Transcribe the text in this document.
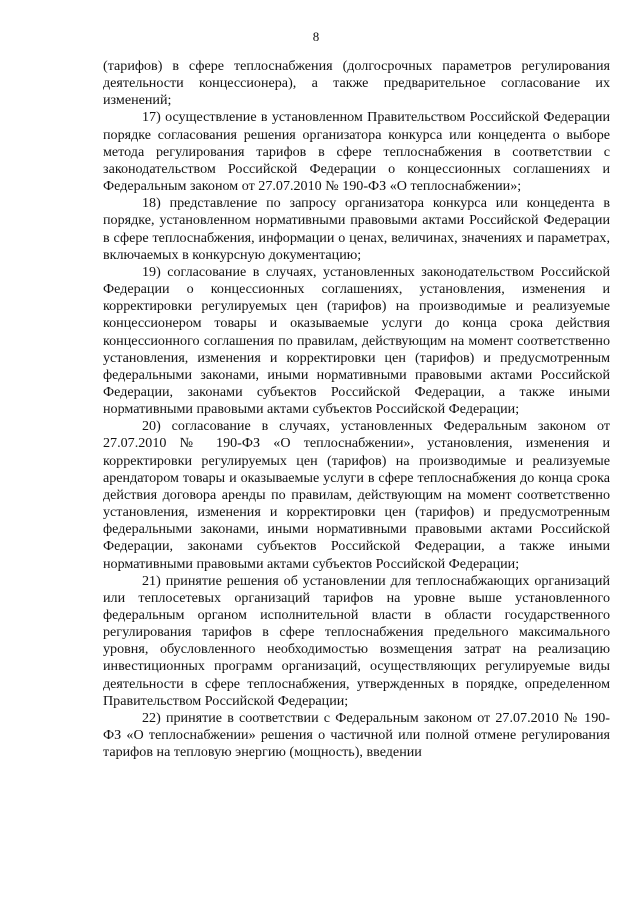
8

(тарифов) в сфере теплоснабжения (долгосрочных параметров регулирования деятельности концессионера), а также предварительное согласование их изменений;

17) осуществление в установленном Правительством Российской Федерации порядке согласования решения организатора конкурса или концедента о выборе метода регулирования тарифов в сфере теплоснабжения в соответствии с законодательством Российской Федерации о концессионных соглашениях и Федеральным законом от 27.07.2010 № 190-ФЗ «О теплоснабжении»;

18) представление по запросу организатора конкурса или концедента в порядке, установленном нормативными правовыми актами Российской Федерации в сфере теплоснабжения, информации о ценах, величинах, значениях и параметрах, включаемых в конкурсную документацию;

19) согласование в случаях, установленных законодательством Российской Федерации о концессионных соглашениях, установления, изменения и корректировки регулируемых цен (тарифов) на производимые и реализуемые концессионером товары и оказываемые услуги до конца срока действия концессионного соглашения по правилам, действующим на момент соответственно установления, изменения и корректировки цен (тарифов) и предусмотренным федеральными законами, иными нормативными правовыми актами Российской Федерации, законами субъектов Российской Федерации, а также иными нормативными правовыми актами субъектов Российской Федерации;

20) согласование в случаях, установленных Федеральным законом от 27.07.2010 № 190-ФЗ «О теплоснабжении», установления, изменения и корректировки регулируемых цен (тарифов) на производимые и реализуемые арендатором товары и оказываемые услуги в сфере теплоснабжения до конца срока действия договора аренды по правилам, действующим на момент соответственно установления, изменения и корректировки цен (тарифов) и предусмотренным федеральными законами, иными нормативными правовыми актами Российской Федерации, законами субъектов Российской Федерации, а также иными нормативными правовыми актами субъектов Российской Федерации;

21) принятие решения об установлении для теплоснабжающих организаций или теплосетевых организаций тарифов на уровне выше установленного федеральным органом исполнительной власти в области государственного регулирования тарифов в сфере теплоснабжения предельного максимального уровня, обусловленного необходимостью возмещения затрат на реализацию инвестиционных программ организаций, осуществляющих регулируемые виды деятельности в сфере теплоснабжения, утвержденных в порядке, определенном Правительством Российской Федерации;

22) принятие в соответствии с Федеральным законом от 27.07.2010 № 190-ФЗ «О теплоснабжении» решения о частичной или полной отмене регулирования тарифов на тепловую энергию (мощность), введении
